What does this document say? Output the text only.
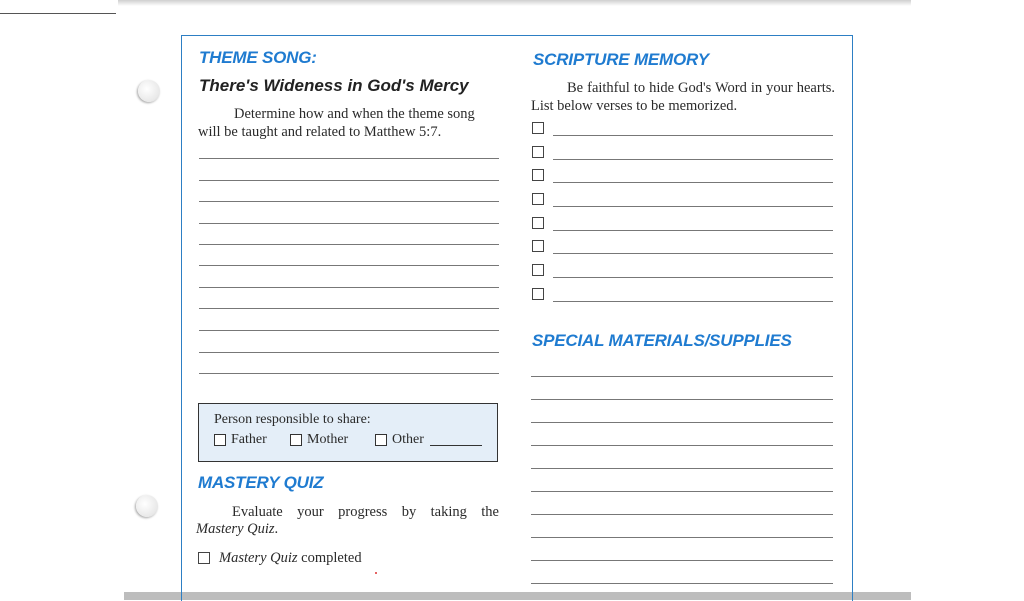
THEME SONG:
There's Wideness in God's Mercy

Determine how and when the theme song will be taught and related to Matthew 5:7.

Person responsible to share:
Father	Mother	Other
MASTERY QUIZ

Evaluate your progress by taking the

Mastery Quiz.

Mastery Quiz completed

SCRIPTURE MEMORY

Be faithful to hide God's Word in your hearts. List below verses to be memorized.

SPECIAL MATERIALS/SUPPLIES
